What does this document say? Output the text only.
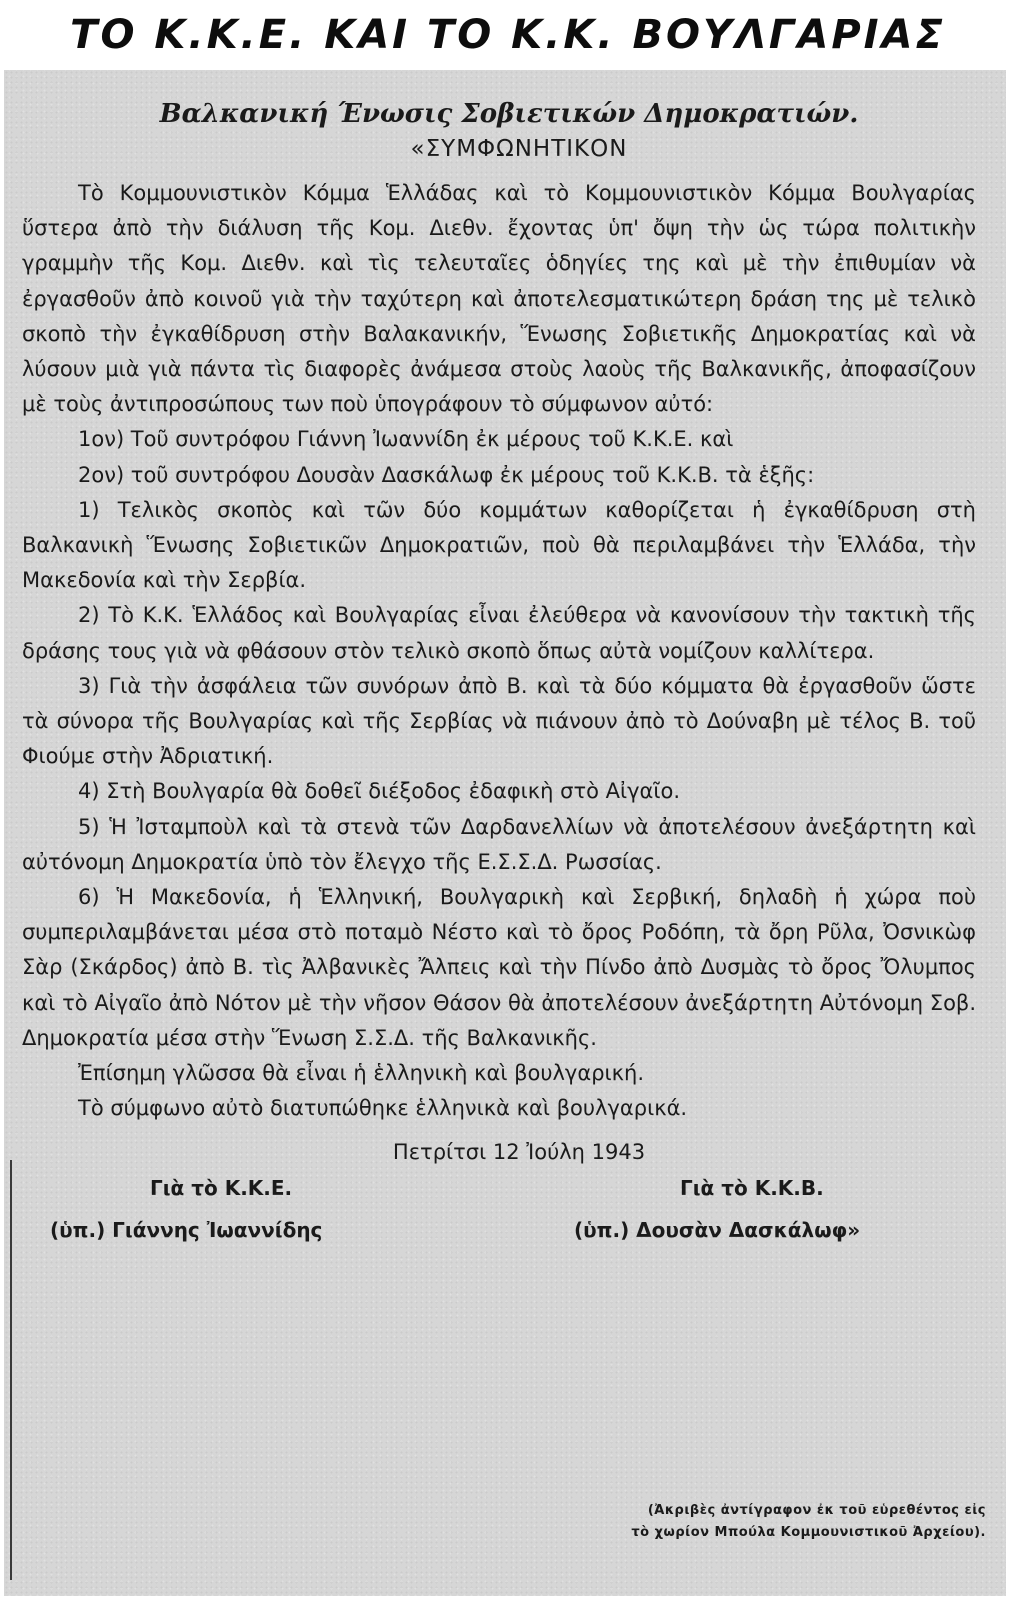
ΤΟ Κ.Κ.Ε. ΚΑΙ ΤΟ Κ.Κ. ΒΟΥΛΓΑΡΙΑΣ
Βαλκανική Ένωσις Σοβιετικών Δημοκρατιών.
«ΣΥΜΦΩΝΗΤΙΚΟΝ

Τὸ Κομμουνιστικὸν Κόμμα Ἑλλάδας καὶ τὸ Κομμουνιστικὸν Κόμμα Βουλγαρίας ὕστερα ἀπὸ τὴν διάλυση τῆς Κομ. Διεθν. ἔχοντας ὑπ' ὄψη τὴν ὡς τώρα πολιτικὴν γραμμὴν τῆς Κομ. Διεθν. καὶ τὶς τελευταῖες ὁδηγίες της καὶ μὲ τὴν ἐπιθυμίαν νὰ ἐργασθοῦν ἀπὸ κοινοῦ γιὰ τὴν ταχύτερη καὶ ἀποτελεσματικώτερη δράση της μὲ τελικὸ σκοπὸ τὴν ἐγκαθίδρυση στὴν Βαλακανικήν, Ἕνωσης Σοβιετικῆς Δημοκρατίας καὶ νὰ λύσουν μιὰ γιὰ πάντα τὶς διαφορὲς ἀνάμεσα στοὺς λαοὺς τῆς Βαλκανικῆς, ἀποφασίζουν μὲ τοὺς ἀντιπροσώπους των ποὺ ὑπογράφουν τὸ σύμφωνον αὐτό:

1ον) Τοῦ συντρόφου Γιάννη Ἰωαννίδη ἐκ μέρους τοῦ Κ.Κ.Ε. καὶ

2ον) τοῦ συντρόφου Δουσὰν Δασκάλωφ ἐκ μέρους τοῦ Κ.Κ.Β. τὰ ἑξῆς:

1) Τελικὸς σκοπὸς καὶ τῶν δύο κομμάτων καθορίζεται ἡ ἐγκαθίδρυση στὴ Βαλκανικὴ Ἕνωσης Σοβιετικῶν Δημοκρατιῶν, ποὺ θὰ περιλαμβάνει τὴν Ἑλλάδα, τὴν Μακεδονία καὶ τὴν Σερβία.

2) Τὸ Κ.Κ. Ἑλλάδος καὶ Βουλγαρίας εἶναι ἐλεύθερα νὰ κανονίσουν τὴν τακτικὴ τῆς δράσης τους γιὰ νὰ φθάσουν στὸν τελικὸ σκοπὸ ὅπως αὐτὰ νομίζουν καλλίτερα.

3) Γιὰ τὴν ἀσφάλεια τῶν συνόρων ἀπὸ Β. καὶ τὰ δύο κόμματα θὰ ἐργασθοῦν ὥστε τὰ σύνορα τῆς Βουλγαρίας καὶ τῆς Σερβίας νὰ πιάνουν ἀπὸ τὸ Δούναβη μὲ τέλος Β. τοῦ Φιούμε στὴν Ἀδριατική.

4) Στὴ Βουλγαρία θὰ δοθεῖ διέξοδος ἐδαφικὴ στὸ Αἰγαῖο.

5) Ἡ Ἰσταμποὺλ καὶ τὰ στενὰ τῶν Δαρδανελλίων νὰ ἀποτελέσουν ἀνεξάρτητη καὶ αὐτόνομη Δημοκρατία ὑπὸ τὸν ἔλεγχο τῆς Ε.Σ.Σ.Δ. Ρωσσίας.

6) Ἡ Μακεδονία, ἡ Ἑλληνική, Βουλγαρικὴ καὶ Σερβική, δηλαδὴ ἡ χώρα ποὺ συμπεριλαμβάνεται μέσα στὸ ποταμὸ Νέστο καὶ τὸ ὄρος Ροδόπη, τὰ ὄρη Ρῦλα, Ὀσνικὼφ Σὰρ (Σκάρδος) ἀπὸ Β. τὶς Ἀλβανικὲς Ἄλπεις καὶ τὴν Πίνδο ἀπὸ Δυσμὰς τὸ ὄρος Ὄλυμπος καὶ τὸ Αἰγαῖο ἀπὸ Νότον μὲ τὴν νῆσον Θάσον θὰ ἀποτελέσουν ἀνεξάρτητη Αὐτόνομη Σοβ. Δημοκρατία μέσα στὴν Ἕνωση Σ.Σ.Δ. τῆς Βαλκανικῆς.

Ἐπίσημη γλῶσσα θὰ εἶναι ἡ ἑλληνικὴ καὶ βουλγαρική.

Τὸ σύμφωνο αὐτὸ διατυπώθηκε ἑλληνικὰ καὶ βουλγαρικά.

Πετρίτσι 12 Ἰούλη 1943
Γιὰ τὸ Κ.Κ.Ε.
(ὑπ.) Γιάννης Ἰωαννίδης
Γιὰ τὸ Κ.Κ.Β.
(ὑπ.) Δουσὰν Δασκάλωφ»
(Ἀκριβὲς ἀντίγραφον ἐκ τοῦ εὑρεθέντος εἰς
τὸ χωρίον Μπούλα Κομμουνιστικοῦ Ἀρχείου).
